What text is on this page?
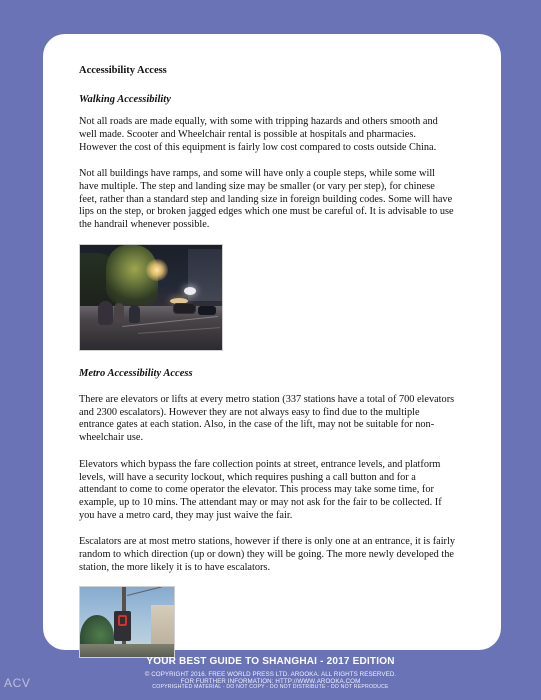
Accessibility Access
Walking Accessibility

Not all roads are made equally, with some with tripping hazards and others smooth and well made. Scooter and Wheelchair rental is possible at hospitals and pharmacies. However the cost of this equipment is fairly low cost compared to costs outside China.

Not all buildings have ramps, and some will have only a couple steps, while some will have multiple. The step and landing size may be smaller (or vary per step), for chinese feet, rather than a standard step and landing size in foreign building codes. Some will have lips on the step, or broken jagged edges which one must be careful of. It is advisable to use the handrail whenever possible.

Metro Accessibility Access

There are elevators or lifts at every metro station (337 stations have a total of 700 elevators and 2300 escalators). However they are not always easy to find due to the multiple entrance gates at each station. Also, in the case of the lift, may not be suitable for non-wheelchair use.

Elevators which bypass the fare collection points at street, entrance levels, and platform levels, will have a security lockout, which requires pushing a call button and for a attendant to come to come operator the elevator. This process may take some time, for example, up to 10 mins. The attendant may or may not ask for the fair to be collected. If you have a metro card, they may just waive the fair.

Escalators are at most metro stations, however if there is only one at an entrance, it is fairly random to which direction (up or down) they will be going. The more newly developed the station, the more likely it is to have escalators.

YOUR BEST GUIDE TO SHANGHAI - 2017 EDITION
© COPYRIGHT 2016. FREE WORLD PRESS LTD. AROOKA. ALL RIGHTS RESERVED.
FOR FURTHER INFORMATION: HTTP://WWW.AROOKA.COM
COPYRIGHTED MATERIAL - DO NOT COPY - DO NOT DISTRIBUTE - DO NOT REPRODUCE
ACV
